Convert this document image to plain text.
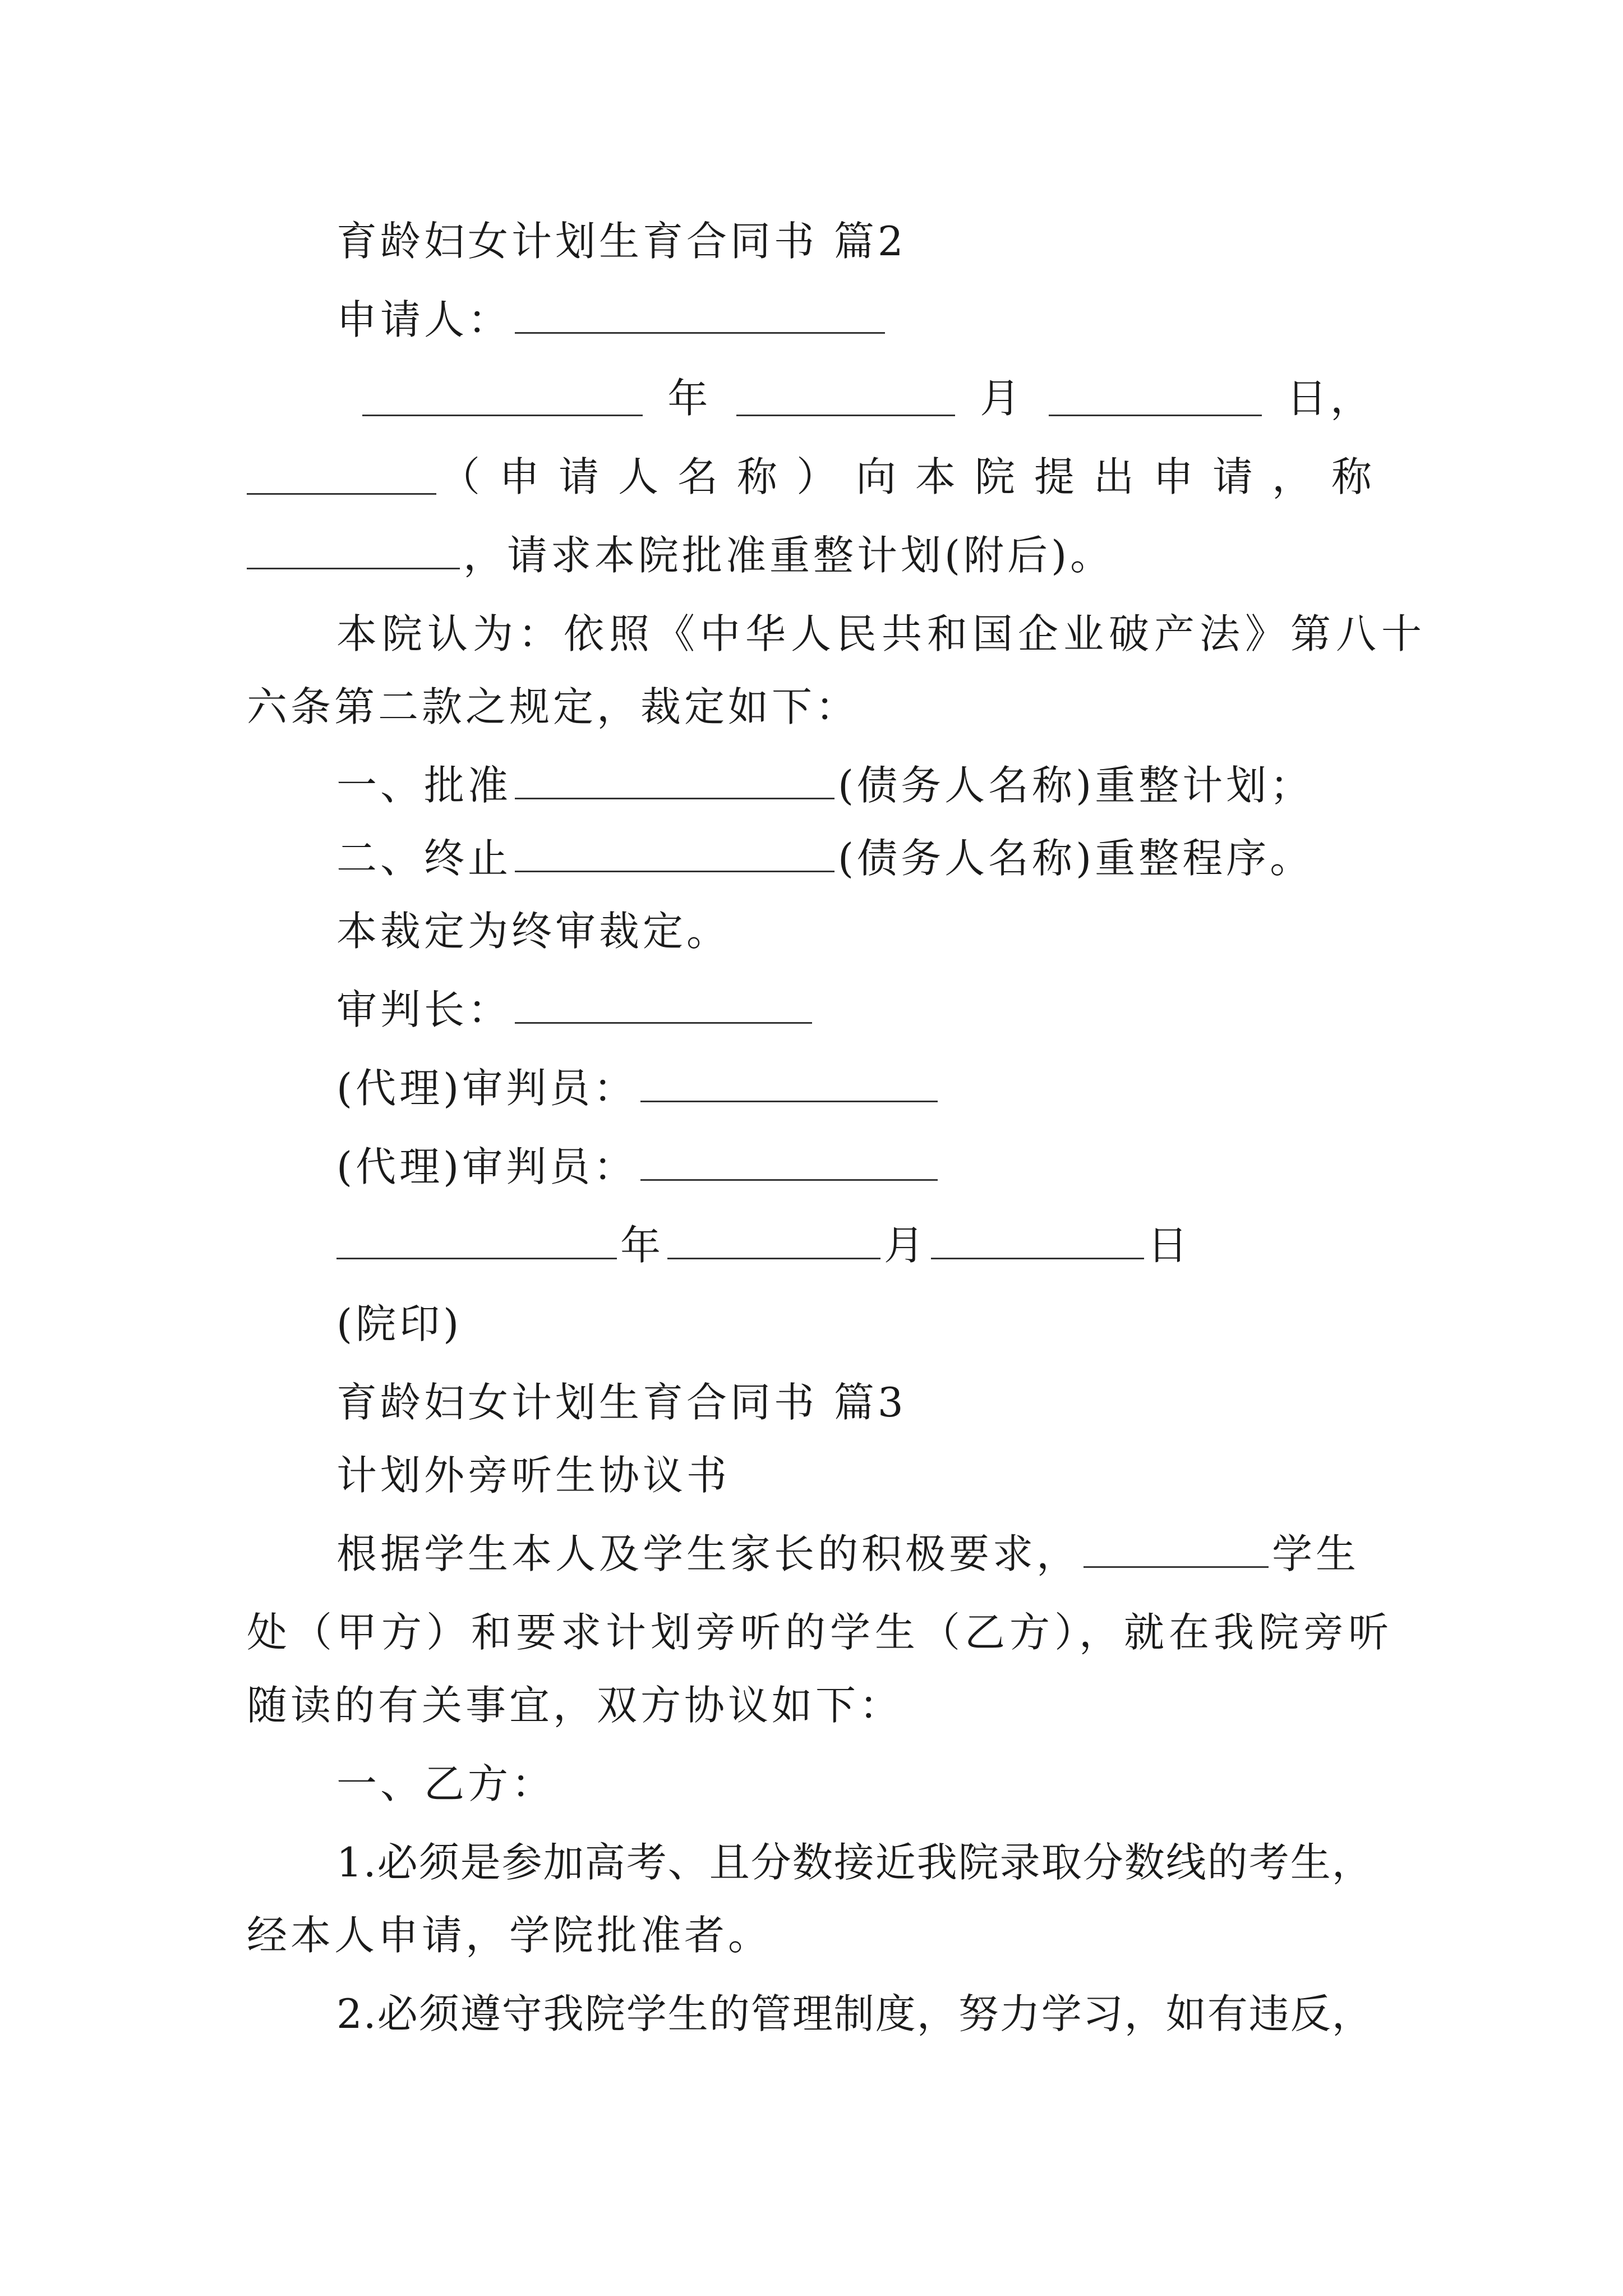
育龄妇女计划生育合同书 篇2
申请人：
年	月	日，
（申请人名称）向本院提出申请，称
，请求本院批准重整计划(附后)。
本院认为：依照《中华人民共和国企业破产法》第八十
六条第二款之规定，裁定如下：
一、批准	(债务人名称)重整计划；
二、终止	(债务人名称)重整程序。
本裁定为终审裁定。
审判长：
(代理)审判员：
(代理)审判员：
年	月	日
(院印)
育龄妇女计划生育合同书 篇3
计划外旁听生协议书
根据学生本人及学生家长的积极要求，	学生
处（甲方）和要求计划旁听的学生（乙方），就在我院旁听
随读的有关事宜，双方协议如下：
一、乙方：
1.必须是参加高考、且分数接近我院录取分数线的考生，
经本人申请，学院批准者。
2.必须遵守我院学生的管理制度，努力学习，如有违反，
